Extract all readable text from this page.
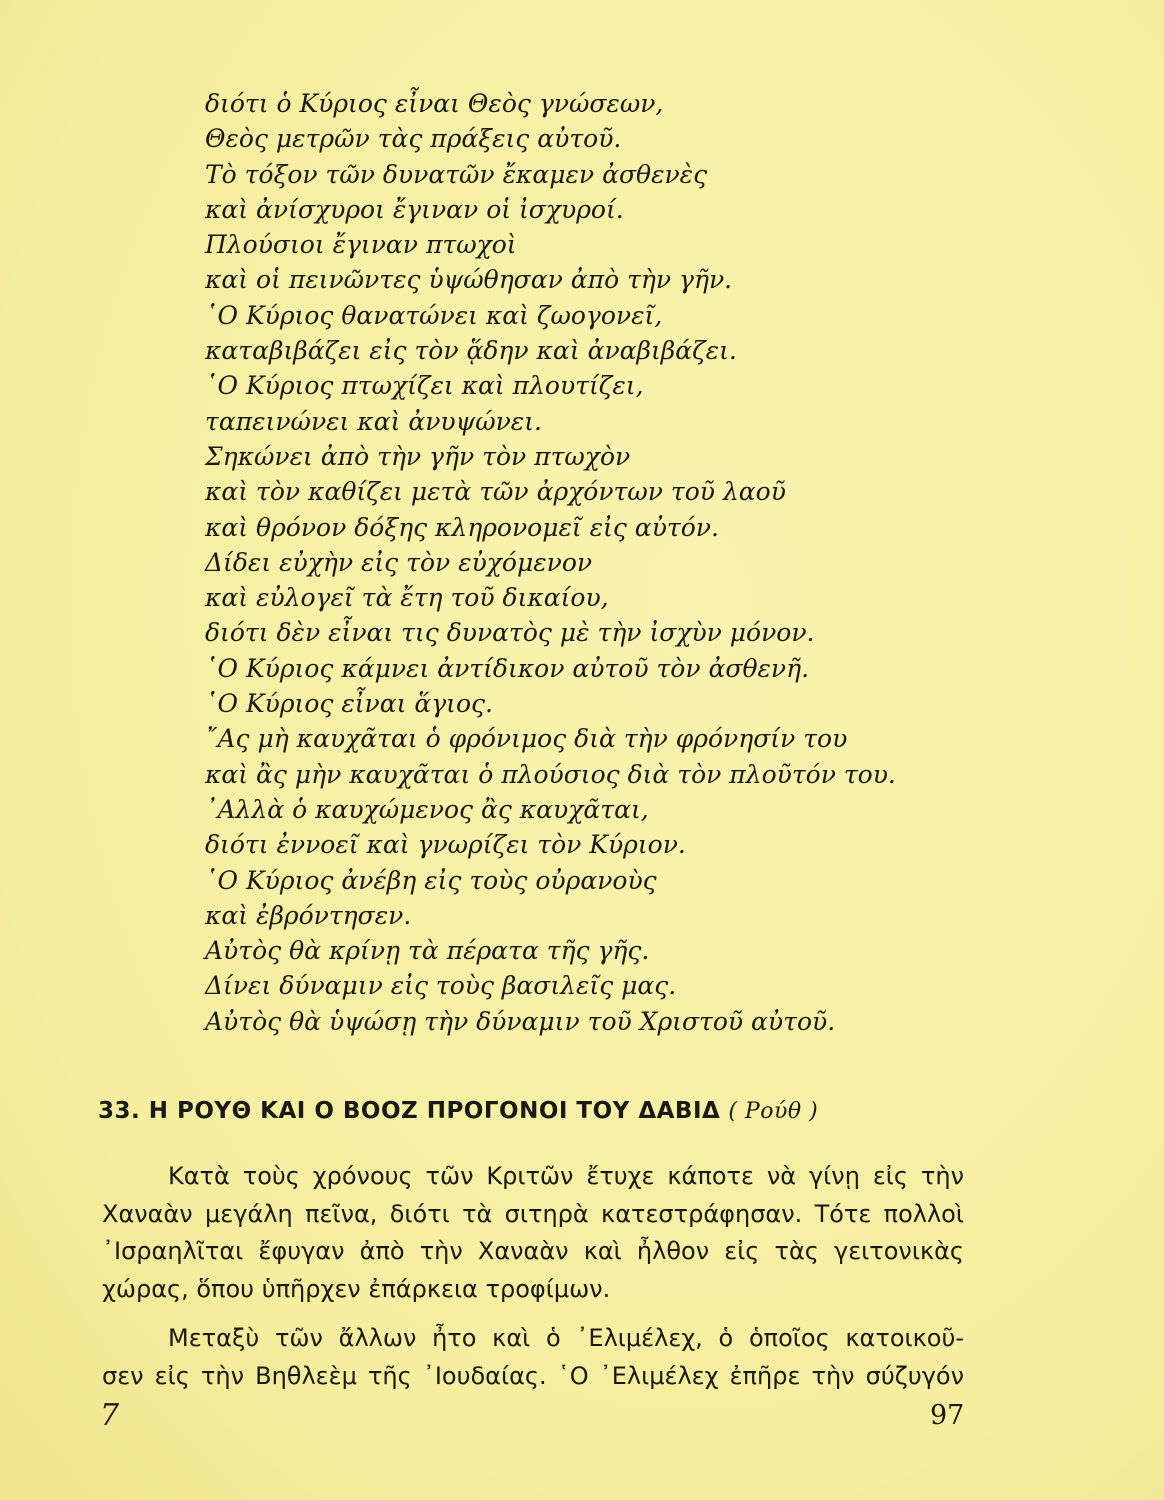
διότι ὁ Κύριος εἶναι Θεὸς γνώσεων,
Θεὸς μετρῶν τὰς πράξεις αὐτοῦ.
Τὸ τόξον τῶν δυνατῶν ἔκαμεν ἀσθενὲς
καὶ ἀνίσχυροι ἔγιναν οἱ ἰσχυροί.
Πλούσιοι ἔγιναν πτωχοὶ
καὶ οἱ πεινῶντες ὑψώθησαν ἀπὸ τὴν γῆν.
῾Ο Κύριος θανατώνει καὶ ζωογονεῖ,
καταβιβάζει εἰς τὸν ᾅδην καὶ ἀναβιβάζει.
῾Ο Κύριος πτωχίζει καὶ πλουτίζει,
ταπεινώνει καὶ ἀνυψώνει.
Σηκώνει ἀπὸ τὴν γῆν τὸν πτωχὸν
καὶ τὸν καθίζει μετὰ τῶν ἀρχόντων τοῦ λαοῦ
καὶ θρόνον δόξης κληρονομεῖ εἰς αὐτόν.
Δίδει εὐχὴν εἰς τὸν εὐχόμενον
καὶ εὐλογεῖ τὰ ἔτη τοῦ δικαίου,
διότι δὲν εἶναι τις δυνατὸς μὲ τὴν ἰσχὺν μόνον.
῾Ο Κύριος κάμνει ἀντίδικον αὐτοῦ τὸν ἀσθενῆ.
῾Ο Κύριος εἶναι ἅγιος.
῎Ας μὴ καυχᾶται ὁ φρόνιμος διὰ τὴν φρόνησίν του
καὶ ἂς μὴν καυχᾶται ὁ πλούσιος διὰ τὸν πλοῦτόν του.
᾽Αλλὰ ὁ καυχώμενος ἂς καυχᾶται,
διότι ἐννοεῖ καὶ γνωρίζει τὸν Κύριον.
῾Ο Κύριος ἀνέβη εἰς τοὺς οὐρανοὺς
καὶ ἐβρόντησεν.
Αὐτὸς θὰ κρίνῃ τὰ πέρατα τῆς γῆς.
Δίνει δύναμιν εἰς τοὺς βασιλεῖς μας.
Αὐτὸς θὰ ὑψώσῃ τὴν δύναμιν τοῦ Χριστοῦ αὐτοῦ.
33. Η ΡΟΥΘ ΚΑΙ Ο ΒΟΟΖ ΠΡΟΓΟΝΟΙ ΤΟΥ ΔΑΒΙΔ ( Ρούθ )

Κατὰ τοὺς χρόνους τῶν Κριτῶν ἔτυχε κάποτε νὰ γίνῃ εἰς τὴν
Χαναὰν μεγάλη πεῖνα, διότι τὰ σιτηρὰ κατεστράφησαν. Τότε πολλοὶ
᾽Ισραηλῖται ἔφυγαν ἀπὸ τὴν Χαναὰν καὶ ἦλθον εἰς τὰς γειτονικὰς
χώρας, ὅπου ὑπῆρχεν ἐπάρκεια τροφίμων.

Μεταξὺ τῶν ἄλλων ἦτο καὶ ὁ ᾽Ελιμέλεχ, ὁ ὁποῖος κατοικοῦ-
σεν εἰς τὴν Βηθλεὲμ τῆς ᾽Ιουδαίας. ῾Ο ᾽Ελιμέλεχ ἐπῆρε τὴν σύζυγόν

7	97
